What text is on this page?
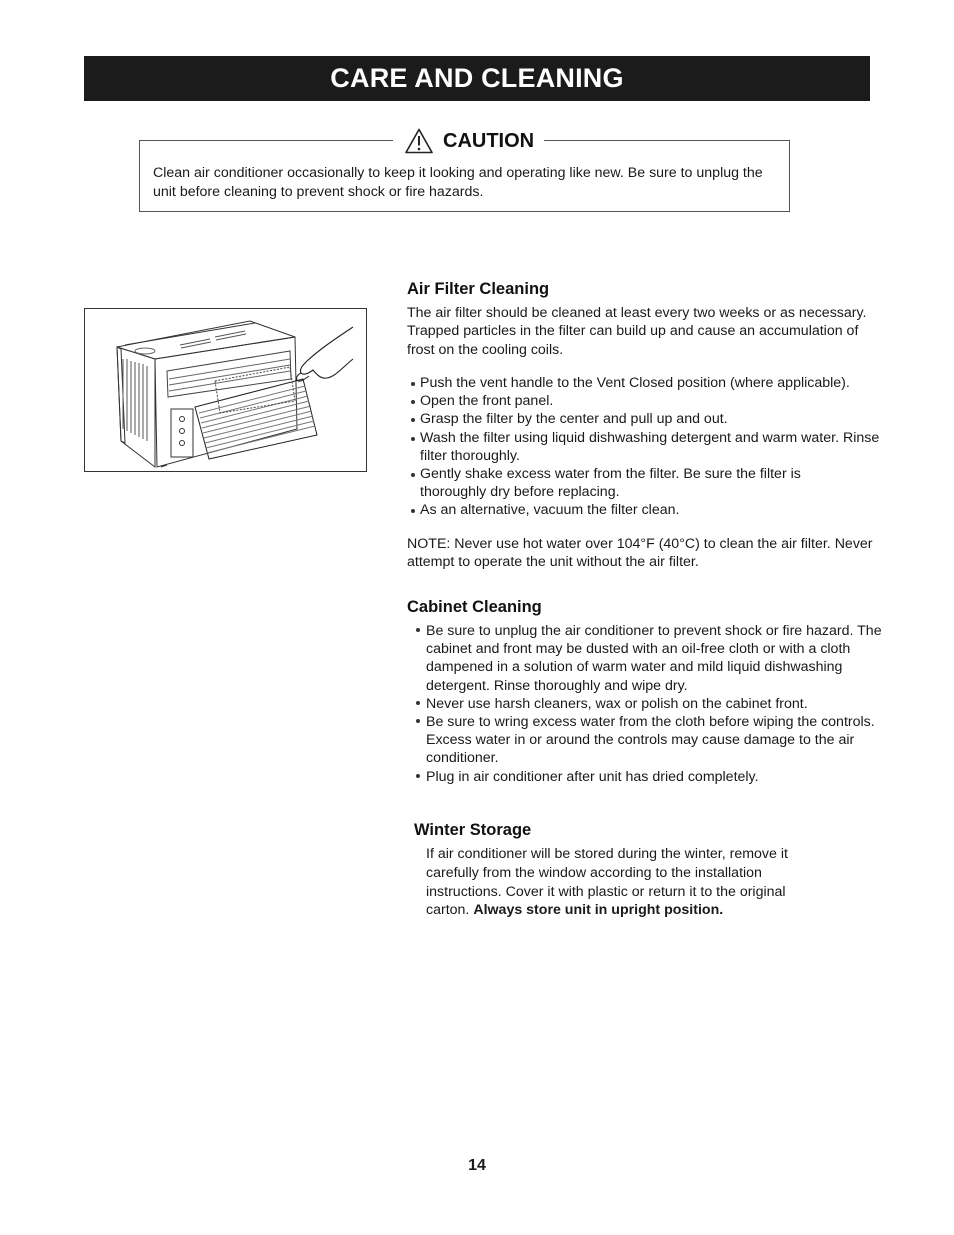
CARE AND CLEANING
CAUTION
Clean air conditioner occasionally to keep it looking and operating like new. Be sure to unplug the unit before cleaning to prevent shock or fire hazards.
Air Filter Cleaning
The air filter should be cleaned at least every two weeks or as necessary. Trapped particles in the filter can build up and cause an accumulation of frost on the cooling coils.
Push the vent handle to the Vent Closed position (where applicable).
Open the front panel.
Grasp the filter by the center and pull up and out.
Wash the filter using liquid dishwashing detergent and warm water. Rinse filter thoroughly.
Gently shake excess water from the filter. Be sure the filter is thoroughly dry before replacing.
As an alternative, vacuum the filter clean.
NOTE: Never use hot water over 104°F (40°C) to clean the air filter. Never attempt to operate the unit without the air filter.
Cabinet Cleaning
Be sure to unplug the air conditioner to prevent shock or fire hazard. The cabinet and front may be dusted with an oil-free cloth or with a cloth dampened in a solution of warm water and mild liquid dishwashing detergent. Rinse thoroughly and wipe dry.
Never use harsh cleaners, wax or polish on the cabinet front.
Be sure to wring excess water from the cloth before wiping the controls. Excess water in or around the controls may cause damage to the air conditioner.
Plug in air conditioner after unit has dried completely.
Winter Storage
If air conditioner will be stored during the winter, remove it carefully from the window according to the installation instructions. Cover it with plastic or return it to the original carton. Always store unit in upright position.
14
